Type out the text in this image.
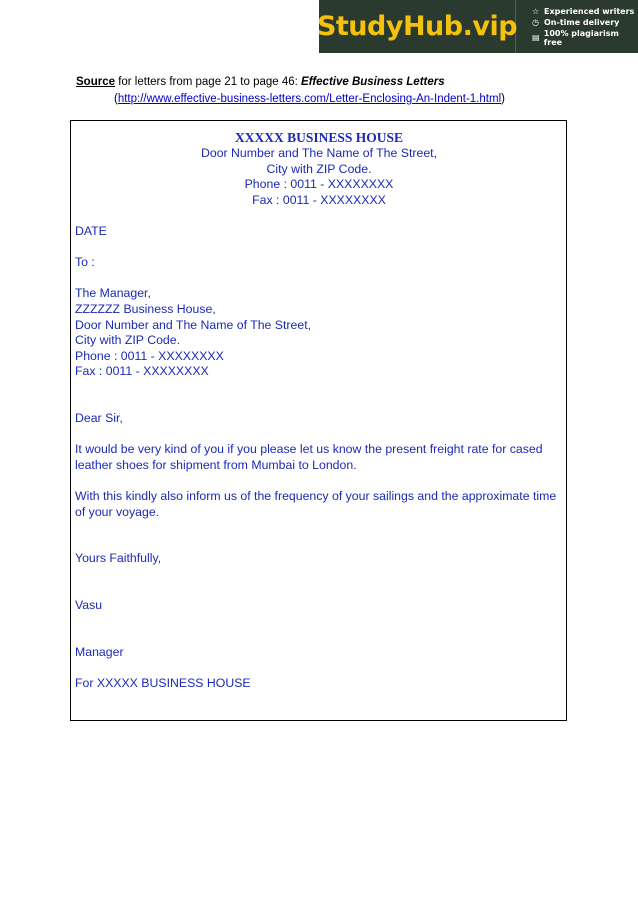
StudyHub.vip ☆ Experienced writers
◷ On-time delivery
▤ 100% plagiarism free
Source for letters from page 21 to page 46: Effective Business Letters
(http://www.effective-business-letters.com/Letter-Enclosing-An-Indent-1.html)
XXXXX BUSINESS HOUSE
Door Number and The Name of The Street,
City with ZIP Code.
Phone : 0011 - XXXXXXXX
Fax : 0011 - XXXXXXXX
DATE
To :
The Manager,
ZZZZZZ Business House,
Door Number and The Name of The Street,
City with ZIP Code.
Phone : 0011 - XXXXXXXX
Fax : 0011 - XXXXXXXX
Dear Sir,

It would be very kind of you if you please let us know the present freight rate for cased leather shoes for shipment from Mumbai to London.

With this kindly also inform us of the frequency of your sailings and the approximate time of your voyage.

Yours Faithfully,
Vasu
Manager
For XXXXX BUSINESS HOUSE
